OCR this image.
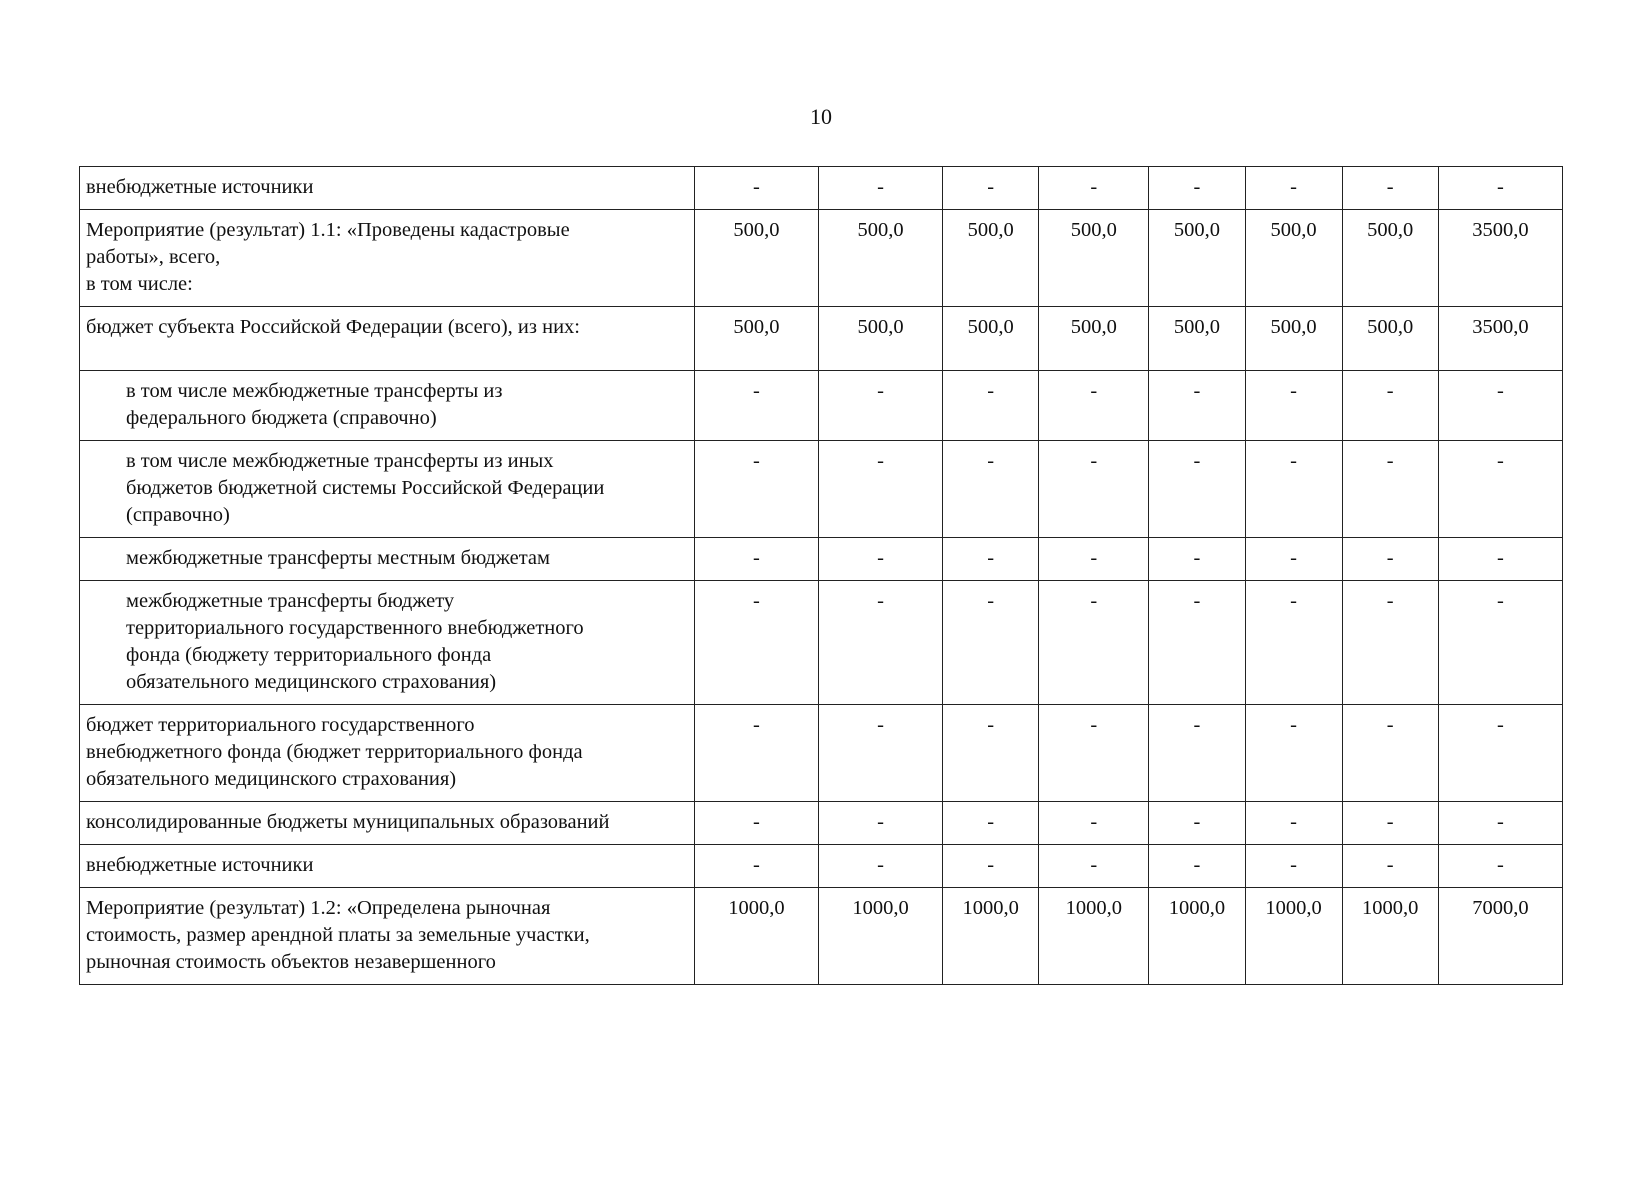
10
внебюджетные источники	-	-	-	-	-	-	-	-
Мероприятие (результат) 1.1: «Проведены кадастровые
работы», всего,
в том числе:	500,0	500,0	500,0	500,0	500,0	500,0	500,0	3500,0
бюджет субъекта Российской Федерации (всего), из них:	500,0	500,0	500,0	500,0	500,0	500,0	500,0	3500,0
в том числе межбюджетные трансферты из
федерального бюджета (справочно)	-	-	-	-	-	-	-	-
в том числе межбюджетные трансферты из иных
бюджетов бюджетной системы Российской Федерации
(справочно)	-	-	-	-	-	-	-	-
межбюджетные трансферты местным бюджетам	-	-	-	-	-	-	-	-
межбюджетные трансферты бюджету
территориального государственного внебюджетного
фонда (бюджету территориального фонда
обязательного медицинского страхования)	-	-	-	-	-	-	-	-
бюджет территориального государственного
внебюджетного фонда (бюджет территориального фонда
обязательного медицинского страхования)	-	-	-	-	-	-	-	-
консолидированные бюджеты муниципальных образований	-	-	-	-	-	-	-	-
внебюджетные источники	-	-	-	-	-	-	-	-
Мероприятие (результат) 1.2: «Определена рыночная
стоимость, размер арендной платы за земельные участки,
рыночная стоимость объектов незавершенного	1000,0	1000,0	1000,0	1000,0	1000,0	1000,0	1000,0	7000,0
